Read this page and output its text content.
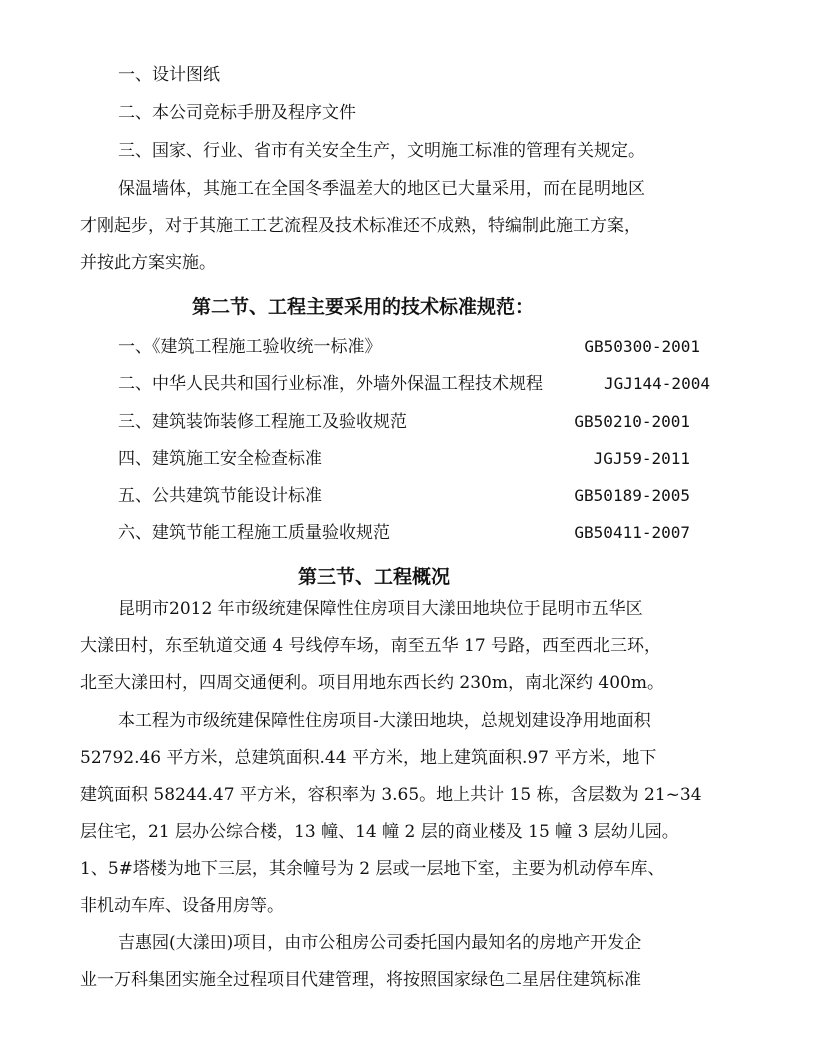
一、设计图纸
二、本公司竞标手册及程序文件
三、国家、行业、省市有关安全生产，文明施工标准的管理有关规定。
保温墙体，其施工在全国冬季温差大的地区已大量采用，而在昆明地区
才刚起步，对于其施工工艺流程及技术标准还不成熟，特编制此施工方案，
并按此方案实施。
第二节、工程主要采用的技术标准规范：
一、《建筑工程施工验收统一标准》	GB50300-2001
二、中华人民共和国行业标准，外墙外保温工程技术规程	JGJ144-2004
三、建筑装饰装修工程施工及验收规范	GB50210-2001
四、建筑施工安全检查标准	JGJ59-2011
五、公共建筑节能设计标准	GB50189-2005
六、建筑节能工程施工质量验收规范	GB50411-2007
第三节、工程概况
昆明市2012 年市级统建保障性住房项目大漾田地块位于昆明市五华区
大漾田村，东至轨道交通 4 号线停车场，南至五华 17 号路，西至西北三环，
北至大漾田村，四周交通便利。项目用地东西长约 230m，南北深约 400m。
本工程为市级统建保障性住房项目-大漾田地块，总规划建设净用地面积
52792.46 平方米，总建筑面积.44 平方米，地上建筑面积.97 平方米，地下
建筑面积 58244.47 平方米，容积率为 3.65。地上共计 15 栋，含层数为 21~34
层住宅，21 层办公综合楼，13 幢、14 幢 2 层的商业楼及 15 幢 3 层幼儿园。
1、5#塔楼为地下三层，其余幢号为 2 层或一层地下室，主要为机动停车库、
非机动车库、设备用房等。
吉惠园(大漾田)项目，由市公租房公司委托国内最知名的房地产开发企
业一万科集团实施全过程项目代建管理，将按照国家绿色二星居住建筑标准
